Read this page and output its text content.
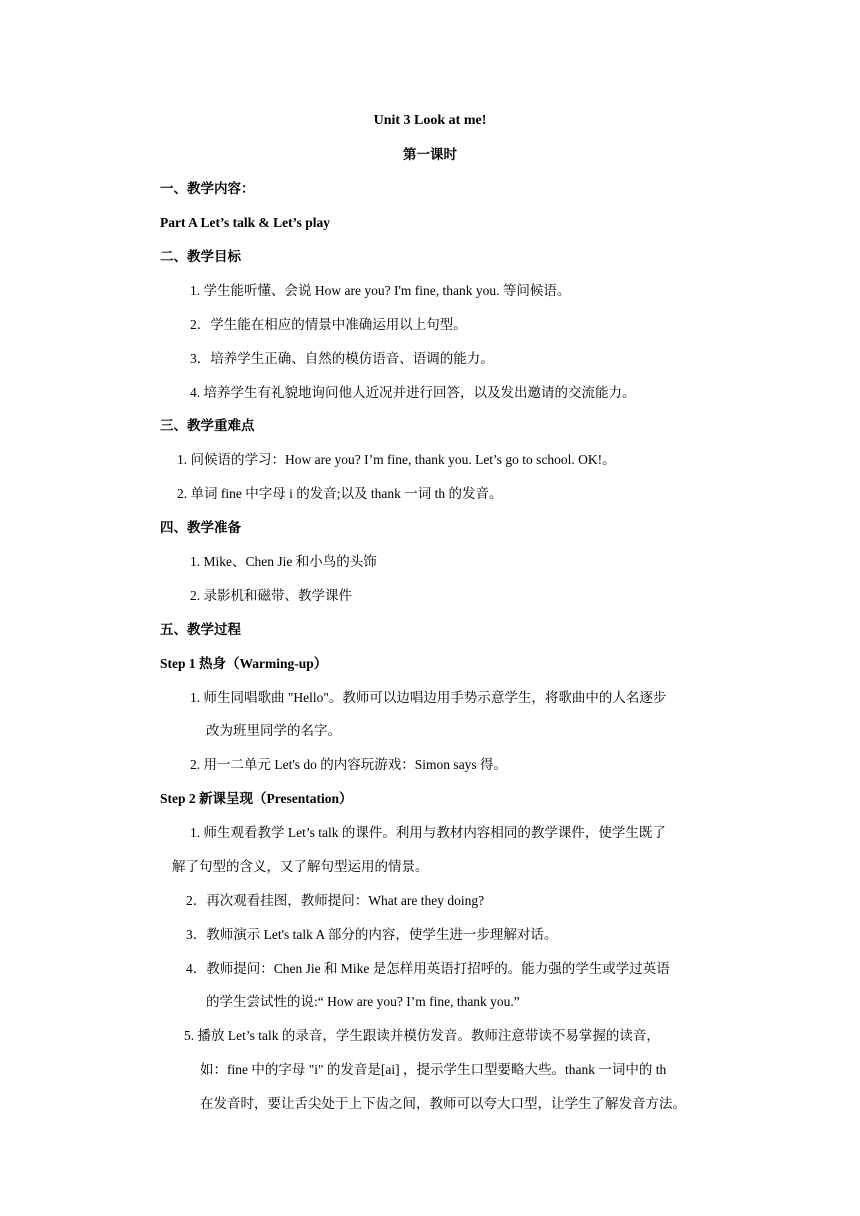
Unit 3 Look at me!
第一课时
一、教学内容：
Part A Let’s talk & Let’s play
二、教学目标
1. 学生能听懂、会说 How are you? I'm fine, thank you. 等问候语。
2．学生能在相应的情景中准确运用以上句型。
3．培养学生正确、自然的模仿语音、语调的能力。
4. 培养学生有礼貌地询问他人近况并进行回答，以及发出邀请的交流能力。
三、教学重难点
1. 问候语的学习：How are you? I’m fine, thank you. Let’s go to school. OK!。
2. 单词 fine 中字母 i 的发音;以及 thank 一词 th 的发音。
四、教学准备
1. Mike、Chen Jie 和小鸟的头饰
2. 录影机和磁带、教学课件
五、教学过程
Step 1 热身（Warming-up）
1. 师生同唱歌曲 "Hello"。教师可以边唱边用手势示意学生，将歌曲中的人名逐步
改为班里同学的名字。
2. 用一二单元 Let's do 的内容玩游戏：Simon says 得。
Step 2 新课呈现（Presentation）
1. 师生观看教学 Let’s talk 的课件。利用与教材内容相同的教学课件，使学生既了
解了句型的含义，又了解句型运用的情景。
2．再次观看挂图，教师提问：What are they doing?
3．教师演示 Let's talk A 部分的内容，使学生进一步理解对话。
4．教师提问：Chen Jie 和 Mike 是怎样用英语打招呼的。能力强的学生或学过英语
的学生尝试性的说:“ How are you? I’m fine, thank you.”
5. 播放 Let’s talk 的录音，学生跟读并模仿发音。教师注意带读不易掌握的读音，
如：fine 中的字母 "i" 的发音是[ai] ，提示学生口型要略大些。thank 一词中的 th
在发音时，要让舌尖处于上下齿之间，教师可以夸大口型，让学生了解发音方法。
